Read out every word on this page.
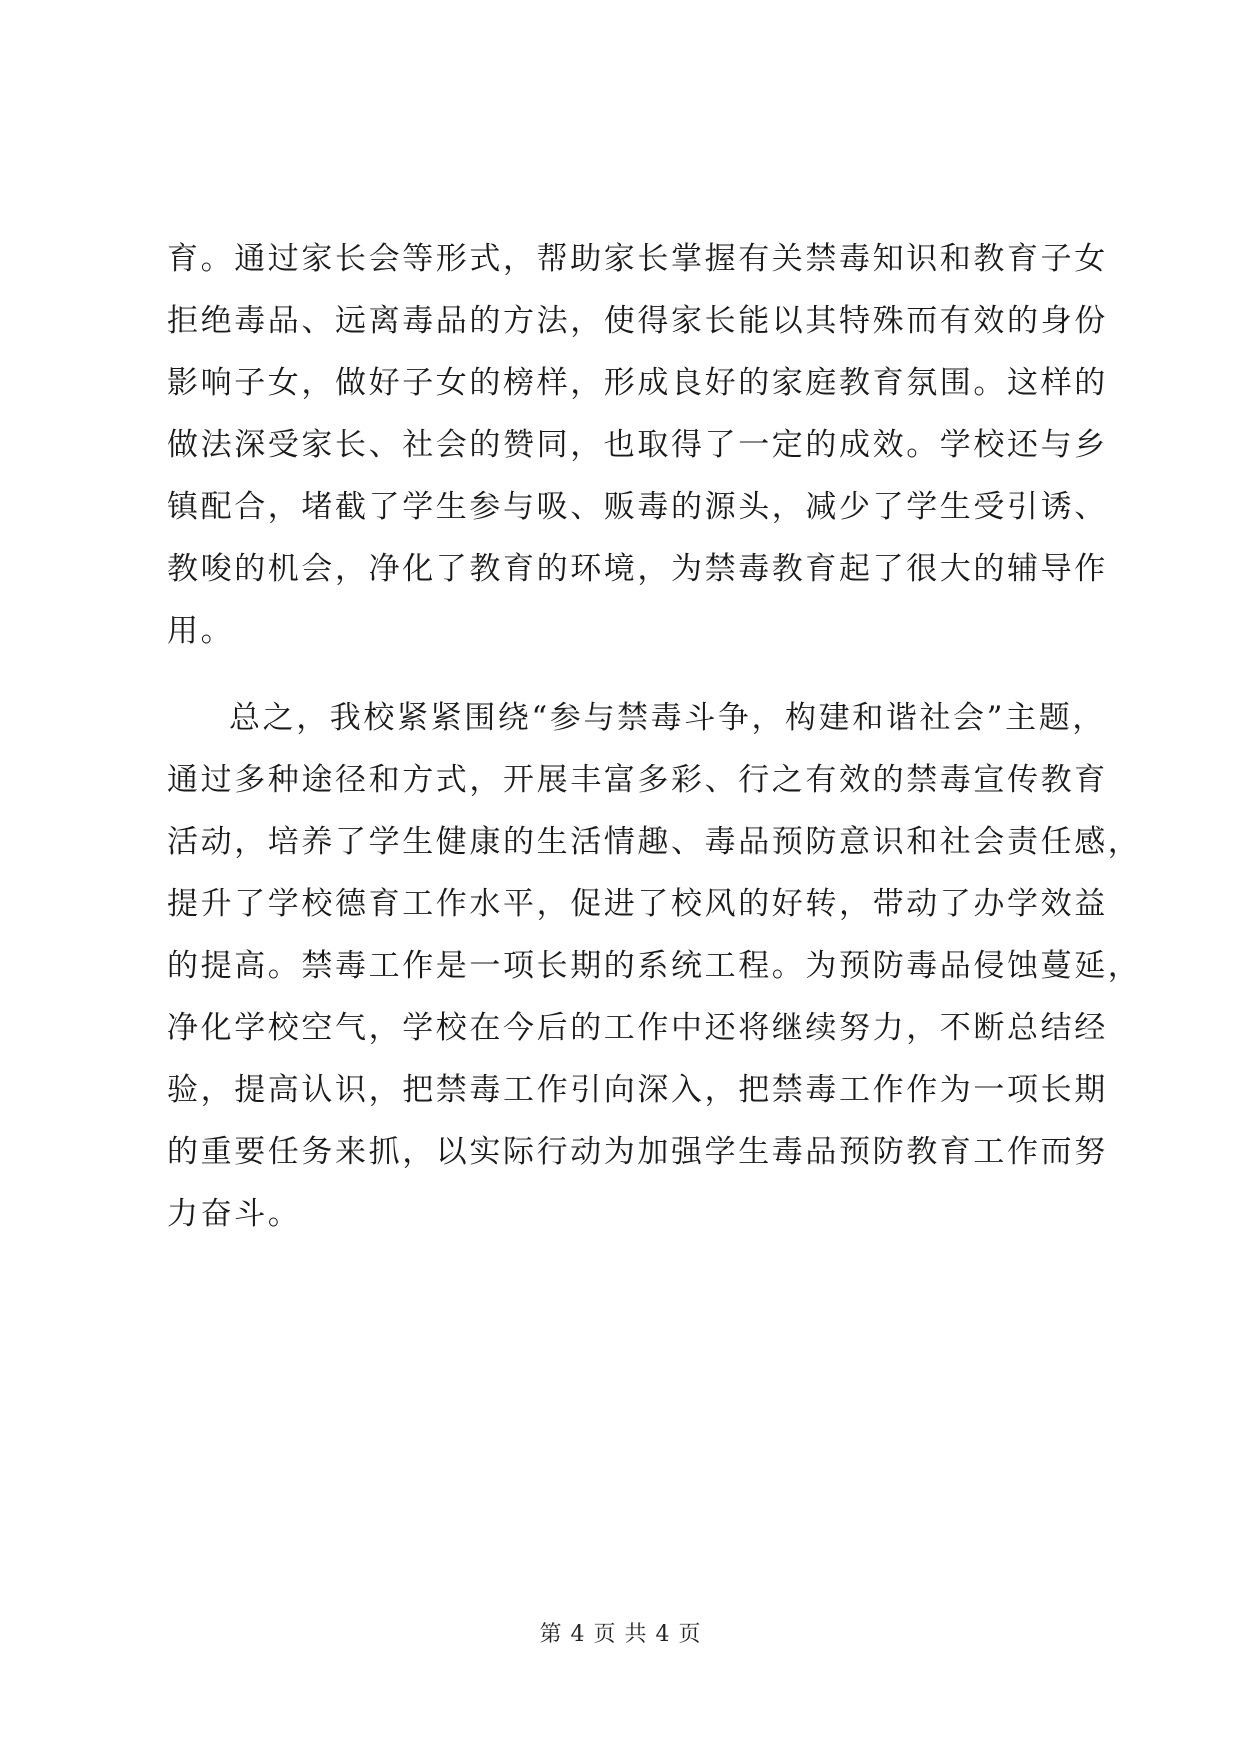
育。通过家长会等形式，帮助家长掌握有关禁毒知识和教育子女
拒绝毒品、远离毒品的方法，使得家长能以其特殊而有效的身份
影响子女，做好子女的榜样，形成良好的家庭教育氛围。这样的
做法深受家长、社会的赞同，也取得了一定的成效。学校还与乡
镇配合，堵截了学生参与吸、贩毒的源头，减少了学生受引诱、
教唆的机会，净化了教育的环境，为禁毒教育起了很大的辅导作
用。
总之，我校紧紧围绕“参与禁毒斗争，构建和谐社会”主题，
通过多种途径和方式，开展丰富多彩、行之有效的禁毒宣传教育
活动，培养了学生健康的生活情趣、毒品预防意识和社会责任感，
提升了学校德育工作水平，促进了校风的好转，带动了办学效益
的提高。禁毒工作是一项长期的系统工程。为预防毒品侵蚀蔓延，
净化学校空气，学校在今后的工作中还将继续努力，不断总结经
验，提高认识，把禁毒工作引向深入，把禁毒工作作为一项长期
的重要任务来抓，以实际行动为加强学生毒品预防教育工作而努
力奋斗。
第 4 页 共 4 页
